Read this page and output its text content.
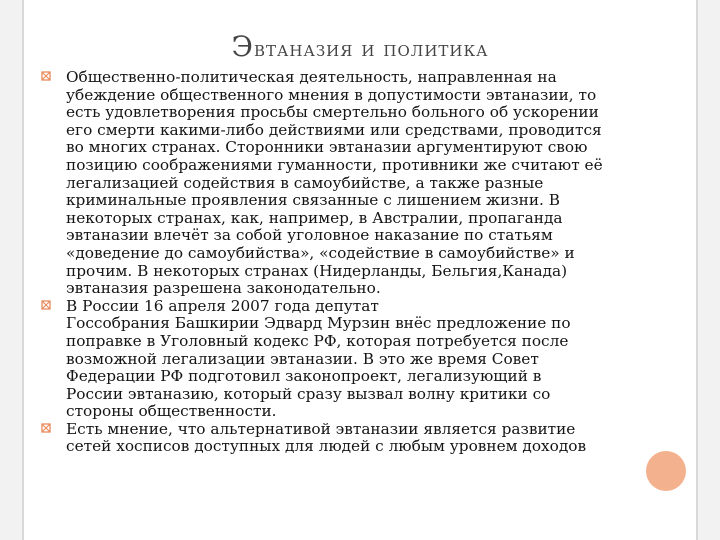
Эвтаназия и политика
Общественно-политическая деятельность, направленная на
убеждение общественного мнения в допустимости эвтаназии, то
есть удовлетворения просьбы смертельно больного об ускорении
его смерти какими-либо действиями или средствами, проводится
во многих странах. Сторонники эвтаназии аргументируют свою
позицию соображениями гуманности, противники же считают её
легализацией содействия в самоубийстве, а также разные
криминальные проявления связанные с лишением жизни. В
некоторых странах, как, например, в Австралии, пропаганда
эвтаназии влечёт за собой уголовное наказание по статьям
«доведение до самоубийства», «содействие в самоубийстве» и
прочим. В некоторых странах (Нидерланды, Бельгия,Канада)
эвтаназия разрешена законодательно.
В России 16 апреля 2007 года депутат
Госсобрания Башкирии Эдвард Мурзин внёс предложение по
поправке в Уголовный кодекс РФ, которая потребуется после
возможной легализации эвтаназии. В это же время Совет
Федерации РФ подготовил законопроект, легализующий в
России эвтаназию, который сразу вызвал волну критики со
стороны общественности.
Есть мнение, что альтернативой эвтаназии является развитие
сетей хосписов доступных для людей с любым уровнем доходов
